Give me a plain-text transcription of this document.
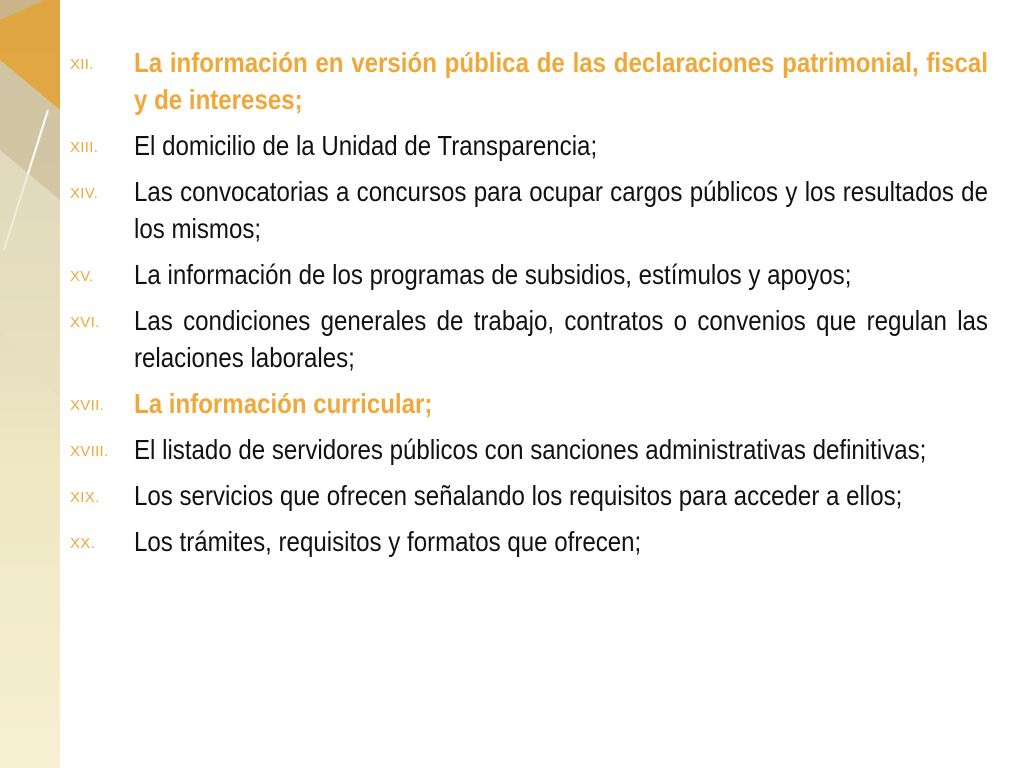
XII.	La información en versión pública de las declaraciones patrimonial, fiscal y de intereses;
XIII.	El domicilio de la Unidad de Transparencia;
XIV.	Las convocatorias a concursos para ocupar cargos públicos y los resultados de los mismos;
XV.	La información de los programas de subsidios, estímulos y apoyos;
XVI.	Las condiciones generales de trabajo, contratos o convenios que regulan las relaciones laborales;
XVII.	La información curricular;
XVIII. El listado de servidores públicos con sanciones administrativas definitivas;
XIX.	Los servicios que ofrecen señalando los requisitos para acceder a ellos;
XX.	Los trámites, requisitos y formatos que ofrecen;
